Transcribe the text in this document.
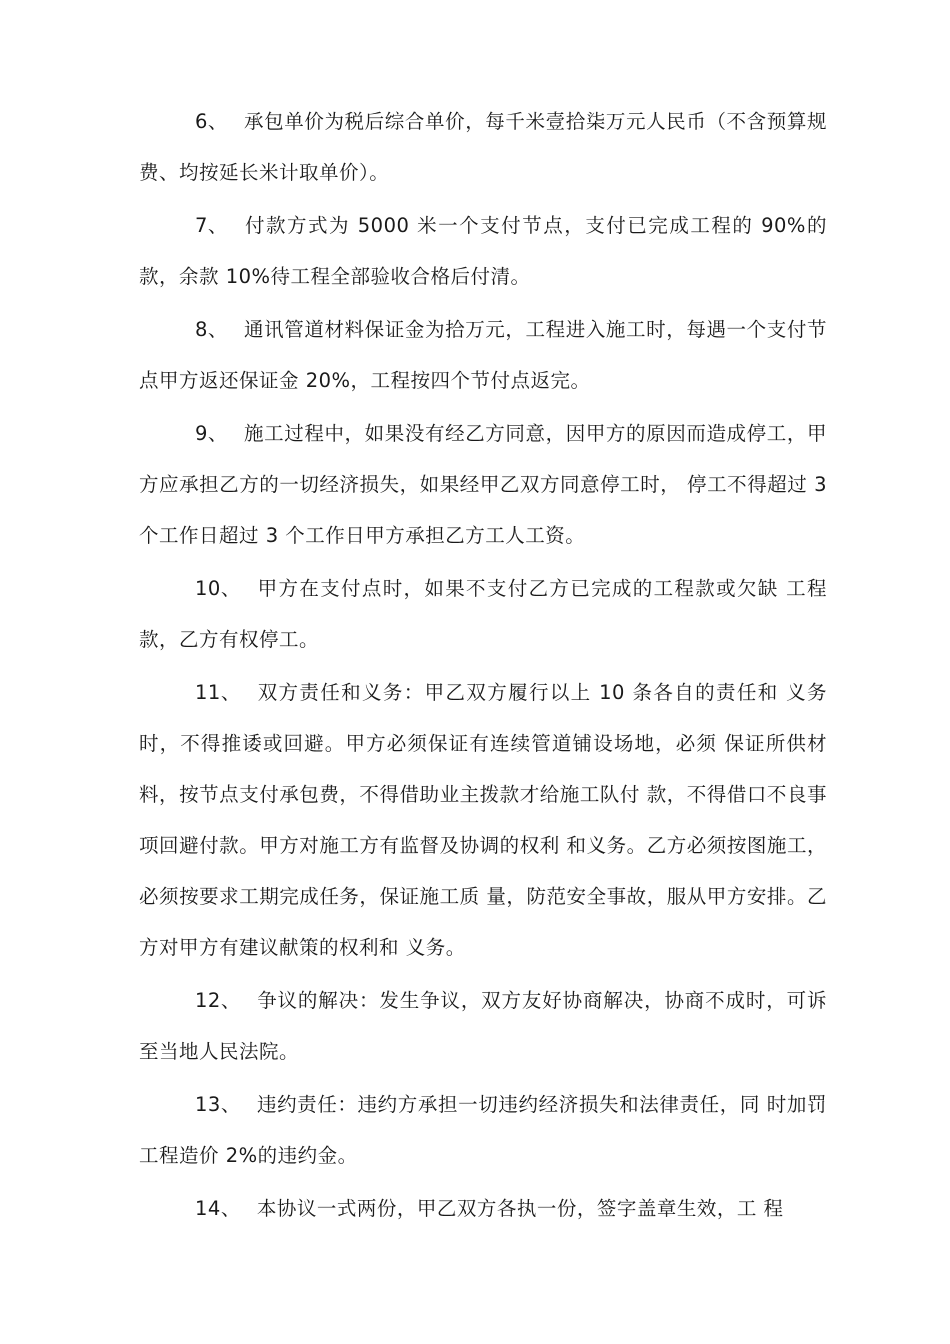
6、 承包单价为税后综合单价，每千米壹拾柒万元人民币（不含预算规费、均按延长米计取单价）。

7、 付款方式为 5000 米一个支付节点，支付已完成工程的 90%的款，余款 10%待工程全部验收合格后付清。

8、 通讯管道材料保证金为拾万元，工程进入施工时，每遇一个支付节点甲方返还保证金 20%，工程按四个节付点返完。

9、 施工过程中，如果没有经乙方同意，因甲方的原因而造成停工，甲方应承担乙方的一切经济损失，如果经甲乙双方同意停工时， 停工不得超过 3 个工作日超过 3 个工作日甲方承担乙方工人工资。

10、 甲方在支付点时，如果不支付乙方已完成的工程款或欠缺 工程款，乙方有权停工。

11、 双方责任和义务：甲乙双方履行以上 10 条各自的责任和 义务时，不得推诿或回避。甲方必须保证有连续管道铺设场地，必须 保证所供材料，按节点支付承包费，不得借助业主拨款才给施工队付 款，不得借口不良事项回避付款。甲方对施工方有监督及协调的权利 和义务。乙方必须按图施工，必须按要求工期完成任务，保证施工质 量，防范安全事故，服从甲方安排。乙方对甲方有建议献策的权利和 义务。

12、 争议的解决：发生争议，双方友好协商解决，协商不成时，可诉至当地人民法院。

13、 违约责任：违约方承担一切违约经济损失和法律责任，同 时加罚工程造价 2%的违约金。

14、 本协议一式两份，甲乙双方各执一份，签字盖章生效，工 程
